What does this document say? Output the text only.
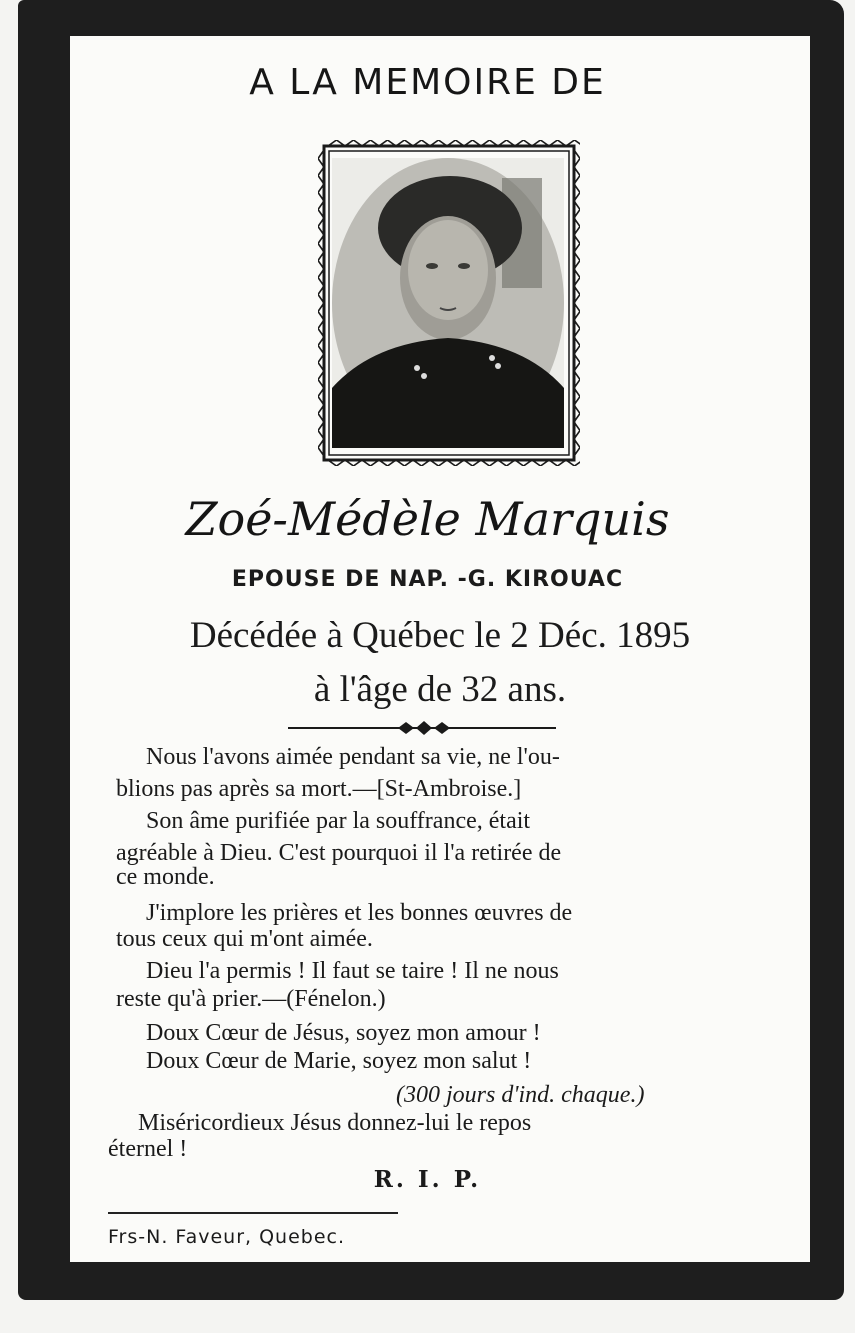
A LA MEMOIRE DE
Zoé-Médèle Marquis
EPOUSE DE NAP. -G. KIROUAC
Décédée à Québec le 2 Déc. 1895
à l'âge de 32 ans.
Nous l'avons aimée pendant sa vie, ne l'ou-
blions pas après sa mort.—[St-Ambroise.]
Son âme purifiée par la souffrance, était
agréable à Dieu. C'est pourquoi il l'a retirée de
ce monde.
J'implore les prières et les bonnes œuvres de
tous ceux qui m'ont aimée.
Dieu l'a permis ! Il faut se taire ! Il ne nous
reste qu'à prier.—(Fénelon.)
Doux Cœur de Jésus, soyez mon amour !
Doux Cœur de Marie, soyez mon salut !
(300 jours d'ind. chaque.)
Miséricordieux Jésus donnez-lui le repos
éternel !
R. I. P.
Frs-N. Faveur, Quebec.
